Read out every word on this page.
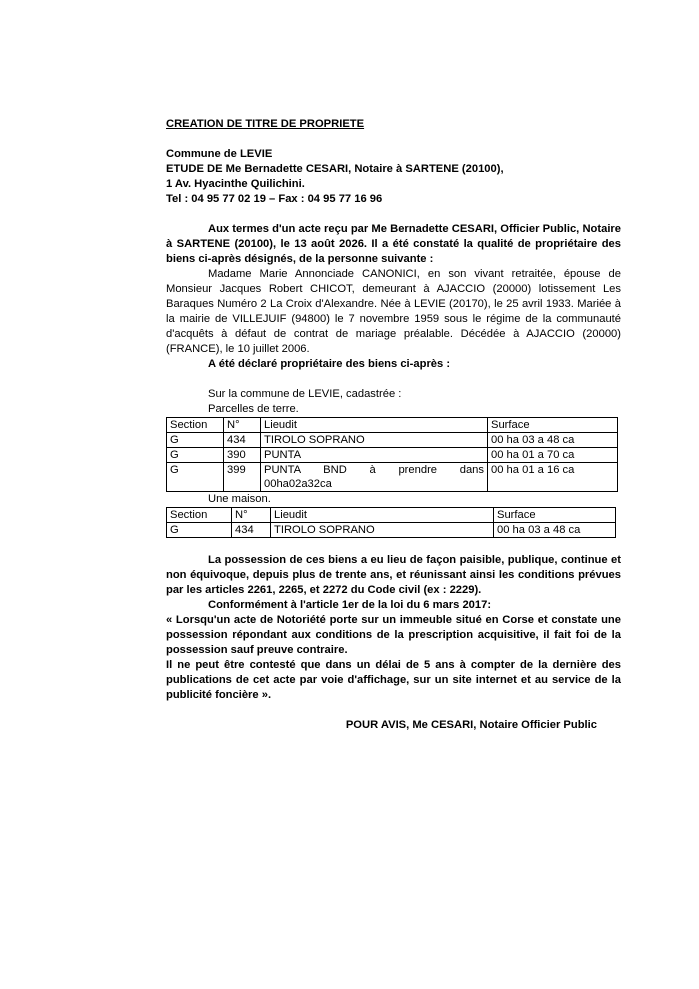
CREATION DE TITRE DE PROPRIETE

Commune de LEVIE

ETUDE DE Me Bernadette CESARI, Notaire à SARTENE (20100),

1 Av. Hyacinthe Quilichini.

Tel : 04 95 77 02 19 – Fax : 04 95 77 16 96

Aux termes d'un acte reçu par Me Bernadette CESARI, Officier Public, Notaire à SARTENE (20100), le 13 août 2026. Il a été constaté la qualité de propriétaire des biens ci-après désignés, de la personne suivante :

Madame Marie Annonciade CANONICI, en son vivant retraitée, épouse de Monsieur Jacques Robert CHICOT, demeurant à AJACCIO (20000) lotissement Les Baraques Numéro 2 La Croix d'Alexandre. Née à LEVIE (20170), le 25 avril 1933. Mariée à la mairie de VILLEJUIF (94800) le 7 novembre 1959 sous le régime de la communauté d'acquêts à défaut de contrat de mariage préalable. Décédée à AJACCIO (20000) (FRANCE), le 10 juillet 2006.

A été déclaré propriétaire des biens ci-après :

Sur la commune de LEVIE, cadastrée :

Parcelles de terre.

Section	N°	Lieudit	Surface
G	434	TIROLO SOPRANO	00 ha 03 a 48 ca
G	390	PUNTA	00 ha 01 a 70 ca
G	399	PUNTA BND à prendre dans
00ha02a32ca	00 ha 01 a 16 ca

Une maison.

Section	N°	Lieudit	Surface
G	434	TIROLO SOPRANO	00 ha 03 a 48 ca

La possession de ces biens a eu lieu de façon paisible, publique, continue et non équivoque, depuis plus de trente ans, et réunissant ainsi les conditions prévues par les articles 2261, 2265, et 2272 du Code civil (ex : 2229).

Conformément à l'article 1er de la loi du 6 mars 2017:

« Lorsqu'un acte de Notoriété porte sur un immeuble situé en Corse et constate une possession répondant aux conditions de la prescription acquisitive, il fait foi de la possession sauf preuve contraire.

Il ne peut être contesté que dans un délai de 5 ans à compter de la dernière des publications de cet acte par voie d'affichage, sur un site internet et au service de la publicité foncière ».

POUR AVIS, Me CESARI, Notaire Officier Public
